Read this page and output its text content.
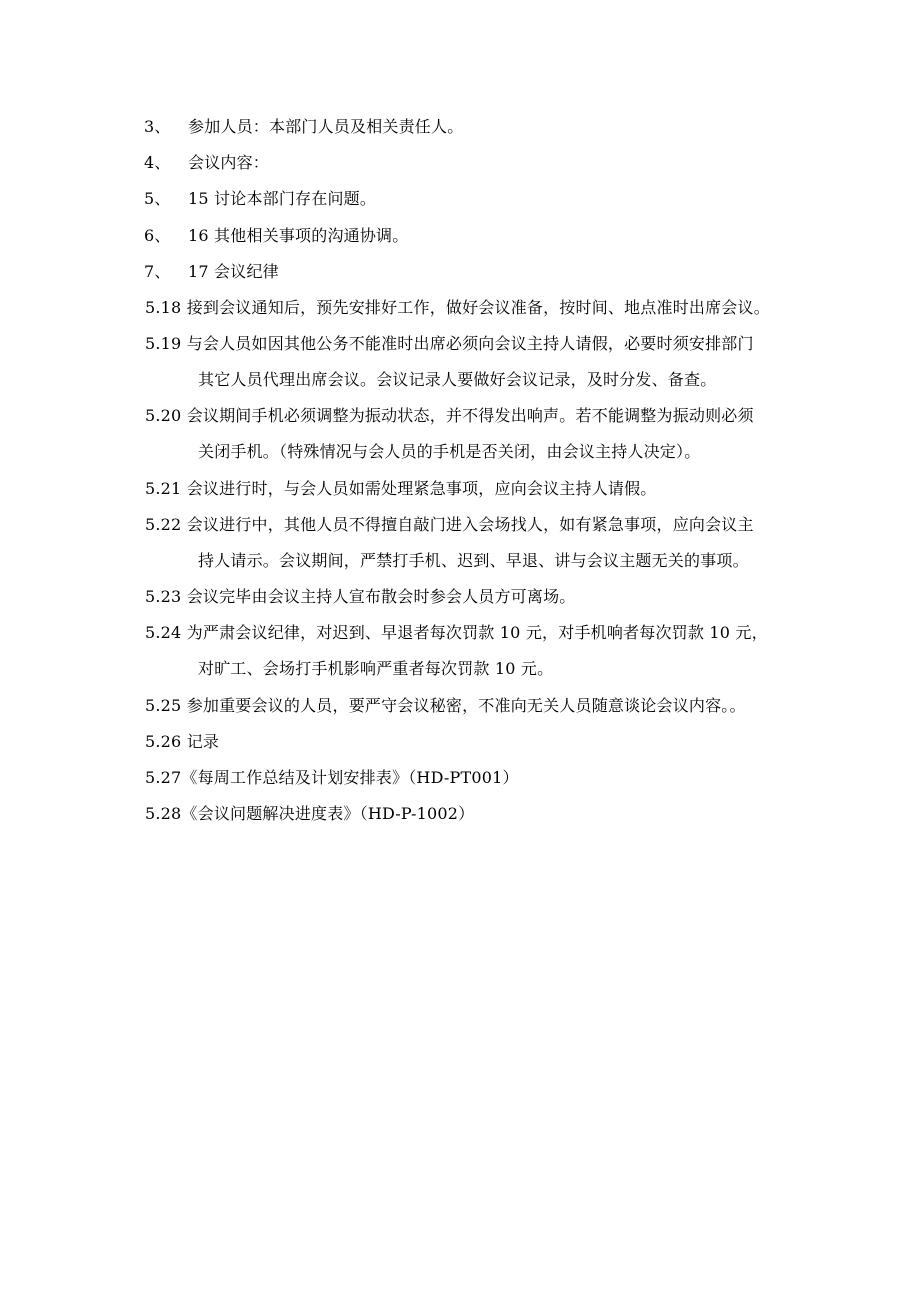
3、 参加人员：本部门人员及相关责任人。
4、 会议内容：
5、 15 讨论本部门存在问题。
6、 16 其他相关事项的沟通协调。
7、 17 会议纪律
5.18 接到会议通知后，预先安排好工作，做好会议准备，按时间、地点准时出席会议。
5.19 与会人员如因其他公务不能准时出席必须向会议主持人请假，必要时须安排部门
其它人员代理出席会议。会议记录人要做好会议记录，及时分发、备查。
5.20 会议期间手机必须调整为振动状态，并不得发出响声。若不能调整为振动则必须
关闭手机。（特殊情况与会人员的手机是否关闭，由会议主持人决定）。
5.21 会议进行时，与会人员如需处理紧急事项，应向会议主持人请假。
5.22 会议进行中，其他人员不得擅自敲门进入会场找人，如有紧急事项，应向会议主
持人请示。会议期间，严禁打手机、迟到、早退、讲与会议主题无关的事项。
5.23 会议完毕由会议主持人宣布散会时参会人员方可离场。
5.24 为严肃会议纪律，对迟到、早退者每次罚款 10 元，对手机响者每次罚款 10 元，
对旷工、会场打手机影响严重者每次罚款 10 元。
5.25 参加重要会议的人员，要严守会议秘密，不准向无关人员随意谈论会议内容。。
5.26 记录
5.27《每周工作总结及计划安排表》（HD-PT001）
5.28《会议问题解决进度表》（HD-P-1002）
